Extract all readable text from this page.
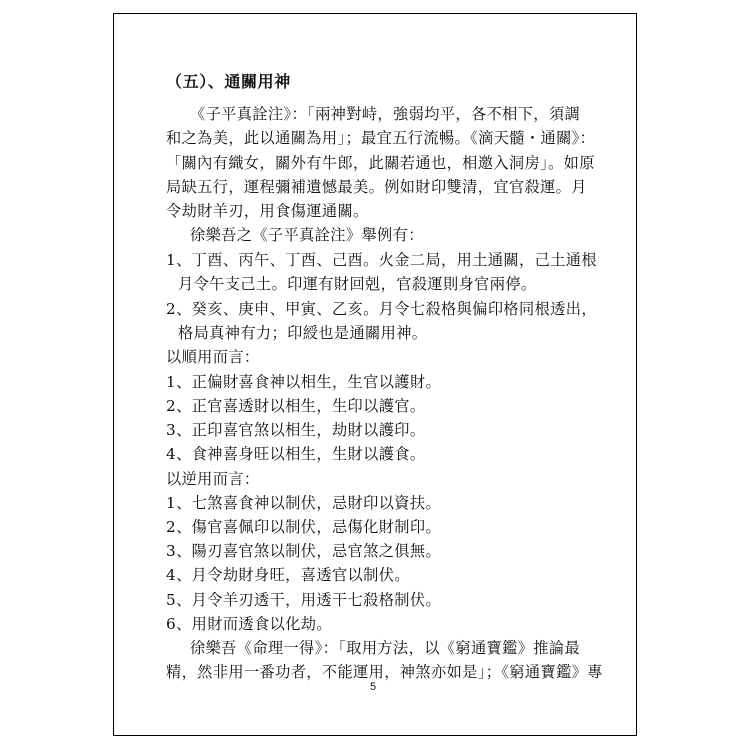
（五）、通關用神
《子平真詮注》：「兩神對峙，強弱均平，各不相下，須調
和之為美，此以通關為用」；最宜五行流暢。《滴天髓・通關》：
「關內有織女，關外有牛郎，此關若通也，相邀入洞房」。如原
局缺五行，運程彌補遺憾最美。例如財印雙清，宜官殺運。月
令劫財羊刃，用食傷運通關。
徐樂吾之《子平真詮注》舉例有：
1、丁酉、丙午、丁酉、己酉。火金二局，用土通關，己土通根
月令午支己土。印運有財回剋，官殺運則身官兩停。
2、癸亥、庚申、甲寅、乙亥。月令七殺格與偏印格同根透出，
格局真神有力；印綬也是通關用神。
以順用而言：
1、正偏財喜食神以相生，生官以護財。
2、正官喜透財以相生，生印以護官。
3、正印喜官煞以相生，劫財以護印。
4、食神喜身旺以相生，生財以護食。
以逆用而言：
1、七煞喜食神以制伏，忌財印以資扶。
2、傷官喜佩印以制伏，忌傷化財制印。
3、陽刃喜官煞以制伏，忌官煞之俱無。
4、月令劫財身旺，喜透官以制伏。
5、月令羊刃透干，用透干七殺格制伏。
6、用財而透食以化劫。
徐樂吾《命理一得》：「取用方法，以《窮通寶鑑》推論最
精，然非用一番功者，不能運用，神煞亦如是」；《窮通寶鑑》專
5
